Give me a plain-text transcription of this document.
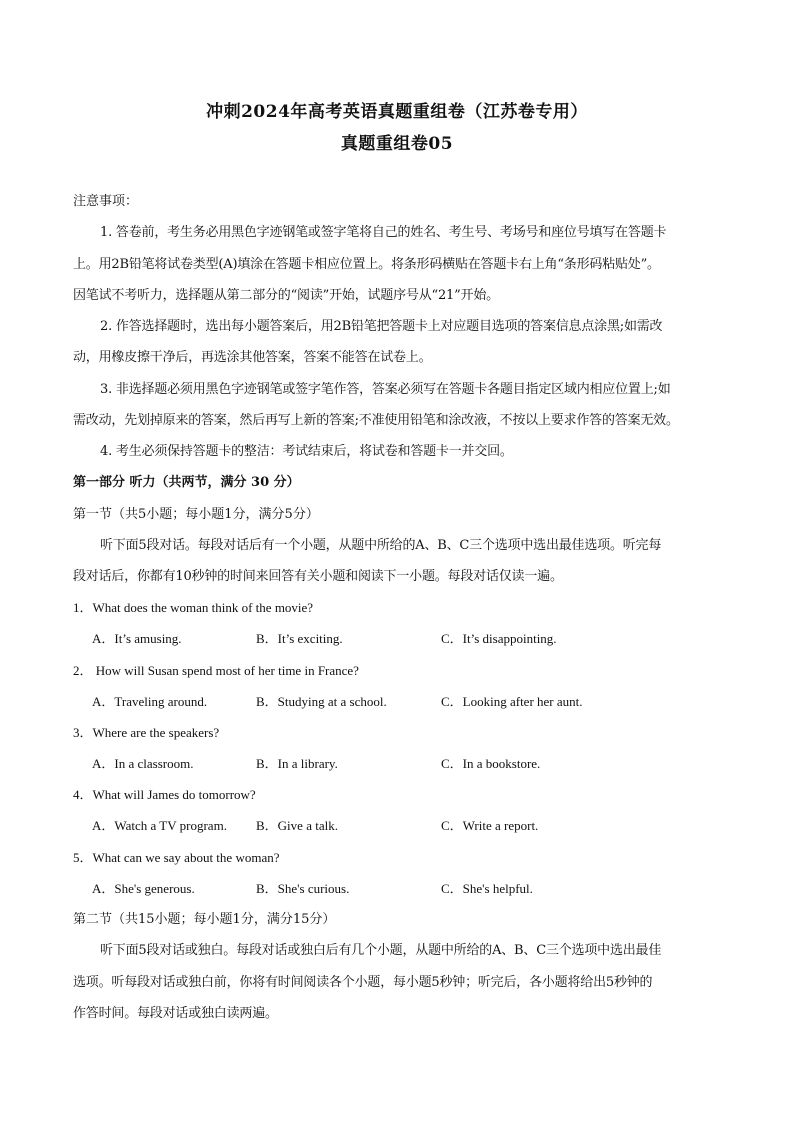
冲刺2024年高考英语真题重组卷（江苏卷专用）
真题重组卷05
注意事项：
1. 答卷前，考生务必用黑色字迹钢笔或签字笔将自己的姓名、考生号、考场号和座位号填写在答题卡
上。用2B铅笔将试卷类型(A)填涂在答题卡相应位置上。将条形码横贴在答题卡右上角“条形码粘贴处”。
因笔试不考听力，选择题从第二部分的“阅读”开始，试题序号从“21”开始。
2. 作答选择题时，选出每小题答案后，用2B铅笔把答题卡上对应题目选项的答案信息点涂黑;如需改
动，用橡皮擦干净后，再选涂其他答案，答案不能答在试卷上。
3. 非选择题必须用黑色字迹钢笔或签字笔作答，答案必须写在答题卡各题目指定区域内相应位置上;如
需改动，先划掉原来的答案，然后再写上新的答案;不准使用铅笔和涂改液，不按以上要求作答的答案无效。
4. 考生必须保持答题卡的整洁：考试结束后，将试卷和答题卡一并交回。
第一部分 听力（共两节，满分 30 分）
第一节（共5小题；每小题1分，满分5分）
听下面5段对话。每段对话后有一个小题，从题中所给的A、B、C三个选项中选出最佳选项。听完每
段对话后，你都有10秒钟的时间来回答有关小题和阅读下一小题。每段对话仅读一遍。
1．What does the woman think of the movie?
A．It’s amusing.	B．It’s exciting.	C．It’s disappointing.
2． How will Susan spend most of her time in France?
A．Traveling around.	B．Studying at a school.	C．Looking after her aunt.
3．Where are the speakers?
A．In a classroom.	B．In a library.	C．In a bookstore.
4．What will James do tomorrow?
A．Watch a TV program. B．Give a talk.	C．Write a report.
5．What can we say about the woman?
A．She's generous.	B．She's curious.	C．She's helpful.
第二节（共15小题；每小题1分，满分15分）
听下面5段对话或独白。每段对话或独白后有几个小题，从题中所给的A、B、C三个选项中选出最佳
选项。听每段对话或独白前，你将有时间阅读各个小题，每小题5秒钟；听完后，各小题将给出5秒钟的
作答时间。每段对话或独白读两遍。
